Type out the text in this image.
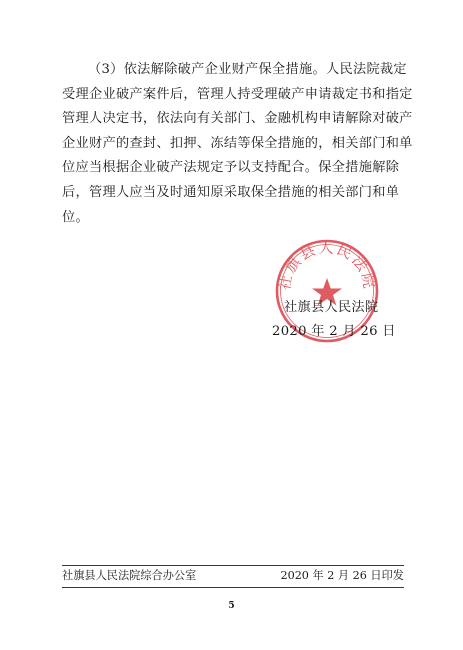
（3）依法解除破产企业财产保全措施。人民法院裁定
受理企业破产案件后，管理人持受理破产申请裁定书和指定
管理人决定书，依法向有关部门、金融机构申请解除对破产
企业财产的查封、扣押、冻结等保全措施的，相关部门和单
位应当根据企业破产法规定予以支持配合。保全措施解除
后，管理人应当及时通知原采取保全措施的相关部门和单
位。
社旗县人民法院
社旗县人民法院
2020 年 2 月 26 日
社旗县人民法院综合办公室	2020 年 2 月 26 日印发
5
